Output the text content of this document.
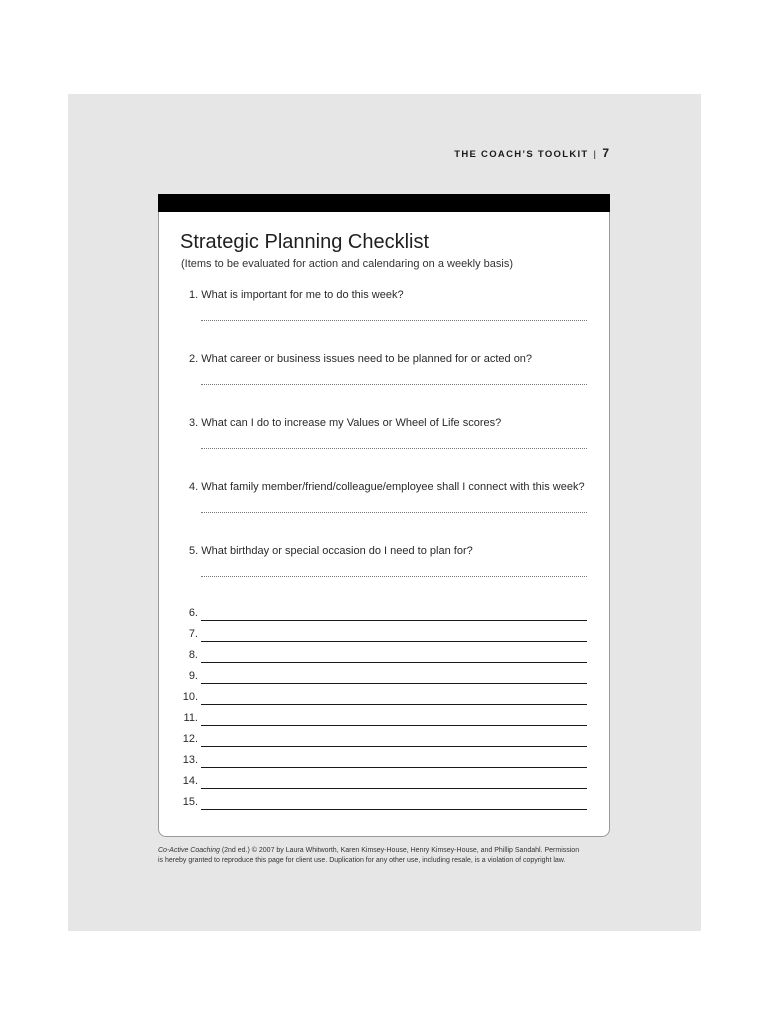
THE COACH’S TOOLKIT | 7
Strategic Planning Checklist
(Items to be evaluated for action and calendaring on a weekly basis)
1. What is important for me to do this week?
2. What career or business issues need to be planned for or acted on?
3. What can I do to increase my Values or Wheel of Life scores?
4. What family member/friend/colleague/employee shall I connect with this week?
5. What birthday or special occasion do I need to plan for?
6.
7.
8.
9.
10.
11.
12.
13.
14.
15.
Co-Active Coaching (2nd ed.) © 2007 by Laura Whitworth, Karen Kimsey-House, Henry Kimsey-House, and Phillip Sandahl. Permission
is hereby granted to reproduce this page for client use. Duplication for any other use, including resale, is a violation of copyright law.
